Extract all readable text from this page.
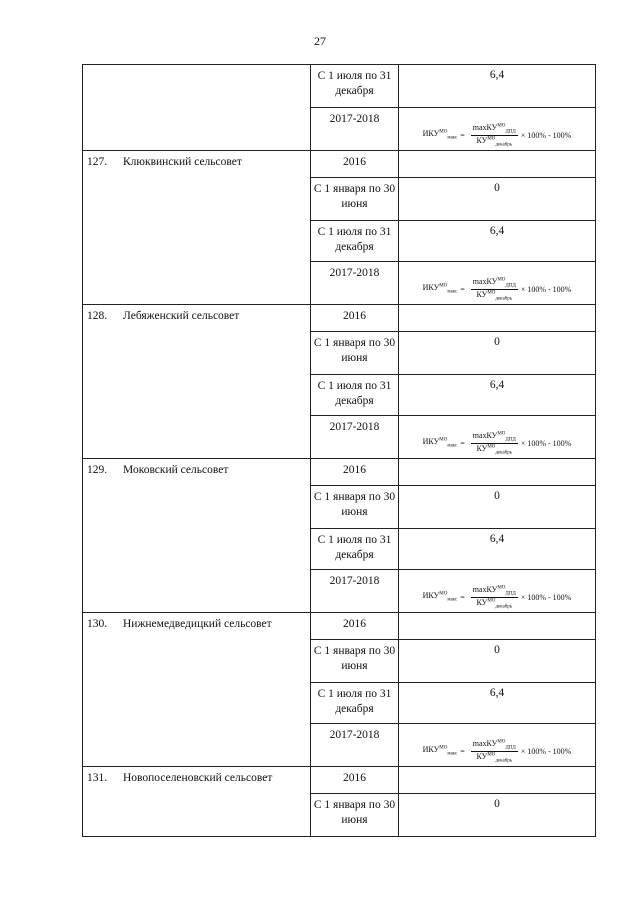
27
	С 1 июля по 31 декабря	6,4
	2017-2018	$ИКУ^{МО}_{макс} = \frac{\max КУ^{МО}_{ДПД}}{КУ^{МО}_{декабрь}} \times 100\% - 100\%$

127. Клюквинский сельсовет	2016	
	С 1 января по 30 июня	0
	С 1 июля по 31 декабря	6,4
	2017-2018	$ИКУ^{МО}_{макс} = \frac{\max КУ^{МО}_{ДПД}}{КУ^{МО}_{декабрь}} \times 100\% - 100\%$

128. Лебяженский сельсовет	2016	
	С 1 января по 30 июня	0
	С 1 июля по 31 декабря	6,4
	2017-2018	$ИКУ^{МО}_{макс} = \frac{\max КУ^{МО}_{ДПД}}{КУ^{МО}_{декабрь}} \times 100\% - 100\%$

129. Моковский сельсовет	2016	
	С 1 января по 30 июня	0
	С 1 июля по 31 декабря	6,4
	2017-2018	$ИКУ^{МО}_{макс} = \frac{\max КУ^{МО}_{ДПД}}{КУ^{МО}_{декабрь}} \times 100\% - 100\%$

130. Нижнемедведицкий сельсовет	2016	
	С 1 января по 30 июня	0
	С 1 июля по 31 декабря	6,4
	2017-2018	$ИКУ^{МО}_{макс} = \frac{\max КУ^{МО}_{ДПД}}{КУ^{МО}_{декабрь}} \times 100\% - 100\%$

131. Новопоселеновский сельсовет	2016	
	С 1 января по 30 июня	0
